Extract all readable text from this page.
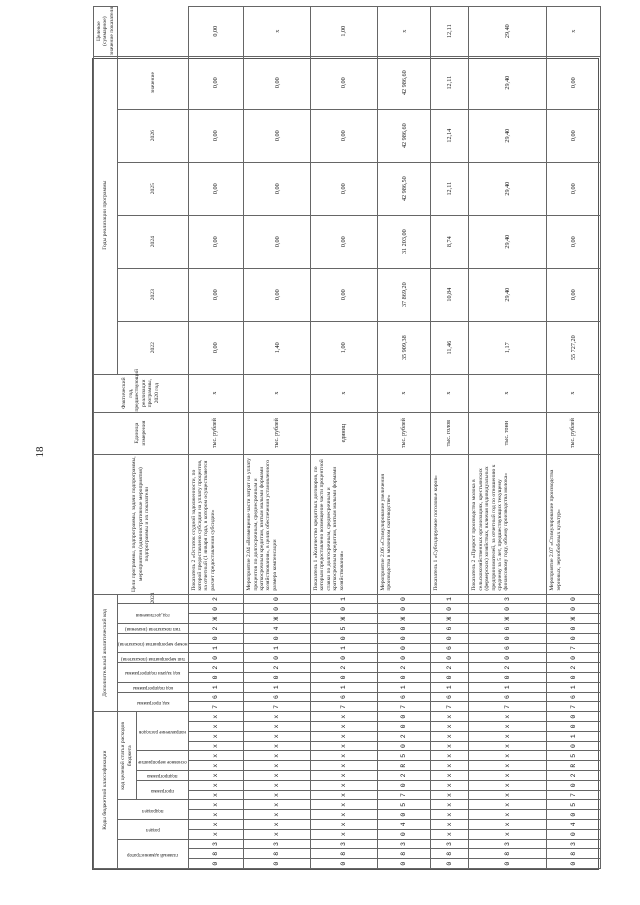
18
Коды бюджетной классификации																Дополнительный аналитический код												Цели программы, подпрограммы, задачи подпрограммы, мероприятия (административные мероприятия) подпрограммы и их показатели	Единица измерения	Фактический год, предшествующий реализации программы, 2020 год	Годы реализации программы						Целевое (суммарное) значение показателя

главный администратор			раздел		подраздел		код целевой статьи расходов бюджета									код программы		код подпрограммы	код задачи подпрограммы		тип мероприятия (показателя)	номер мероприятия (показателя)		тип показателя (значения)	год достижения		2021				2022	2023	2024	2025	2026	значение	

							программа		подпрограмма	основное мероприятие		направление расходов																									

0	8	3	х	х	х	х	х	х	х	х	х	х	х	х	х	7	6	1	0	2	0	1	0	2	Ж	0	2	Показатель 2 «Остаток ссудной задолженности, по которой предоставлено субсидии на уплату процентов, на отчетный (1 января года, в котором осуществляется расчет предоставления субсидии»	тыс. рублей	х	0,00	0,00	0,00	0,00	0,00	0,00	0,00
0	8	3	х	х	х	х	х	х	х	х	х	х	х	х	х	7	6	1	0	2	0	1	0	4	Ж	0	0	Мероприятие 2.04 «Возмещение части затрат на уплату процентов по долгосрочным, среднесрочным и краткосрочным кредитам, взятым малыми формами хозяйствования», в целях обеспечения установленного размера компенсации	тыс. рублей	х	1,40	0,00	0,00	0,00	0,00	0,00	х
0	8	3	х	х	х	х	х	х	х	х	х	х	х	х	х	7	6	1	0	2	0	1	0	5	Ж	0	1	Показатель 1 «Количество кредитных договоров, по которым предоставлено возмещение части процентной ставки по долгосрочным, среднесрочным и краткосрочным кредитам, взятым малыми формами хозяйствования»	единиц	х	1,00	0,00	0,00	0,00	0,00	0,00	1,00
0	8	3	0	4	0	5	7	0	2	R	5	0	2	0	0	7	6	1	0	2	0	0	0	0	Ж	0	0	Мероприятие 2.06 «Стимулирование увеличения производства в молочном скотоводстве»	тыс. рублей	х	35 909,38	37 869,20	31 203,00	42 986,50	42 986,60	42 986,60	х
0	8	3	х	х	х	х	х	х	х	х	х	х	х	х	х	7	6	1	0	2	0	6	0	6	Ж	0	1	Показатель 1 «Субсидируемое поголовье коров»	тыс. голов	х	11,46	10,84	8,74	12,11	12,14	12,11	12,11
0	8	3	х	х	х	х	х	х	х	х	х	х	х	х	х	7	6	1	0	2	0	6	0	6	Ж	0	3	Показатель 2 «Прирост производства молока в сельскохозяйственных организациях, крестьянских (фермерских) хозяйствах, включая индивидуальных предпринимателей, за отчетный год по отношению к среднему за 5 лет, предшествующих текущему финансовому году, объему производства молока»	тыс. тонн	х	1,17	29,40	29,40	29,40	29,40	29,40	29,40
0	8	3	0	4	0	5	7	0	2	R	5	0	1	0	0	7	6	1	0	2	0	7	0	0	Ж	0	0	Мероприятие 2.07 «Стимулирование производства зерновых, зернобобовых культур»	тыс. рублей	х	55 727,20	0,00	0,00	0,00	0,00	0,00	х
